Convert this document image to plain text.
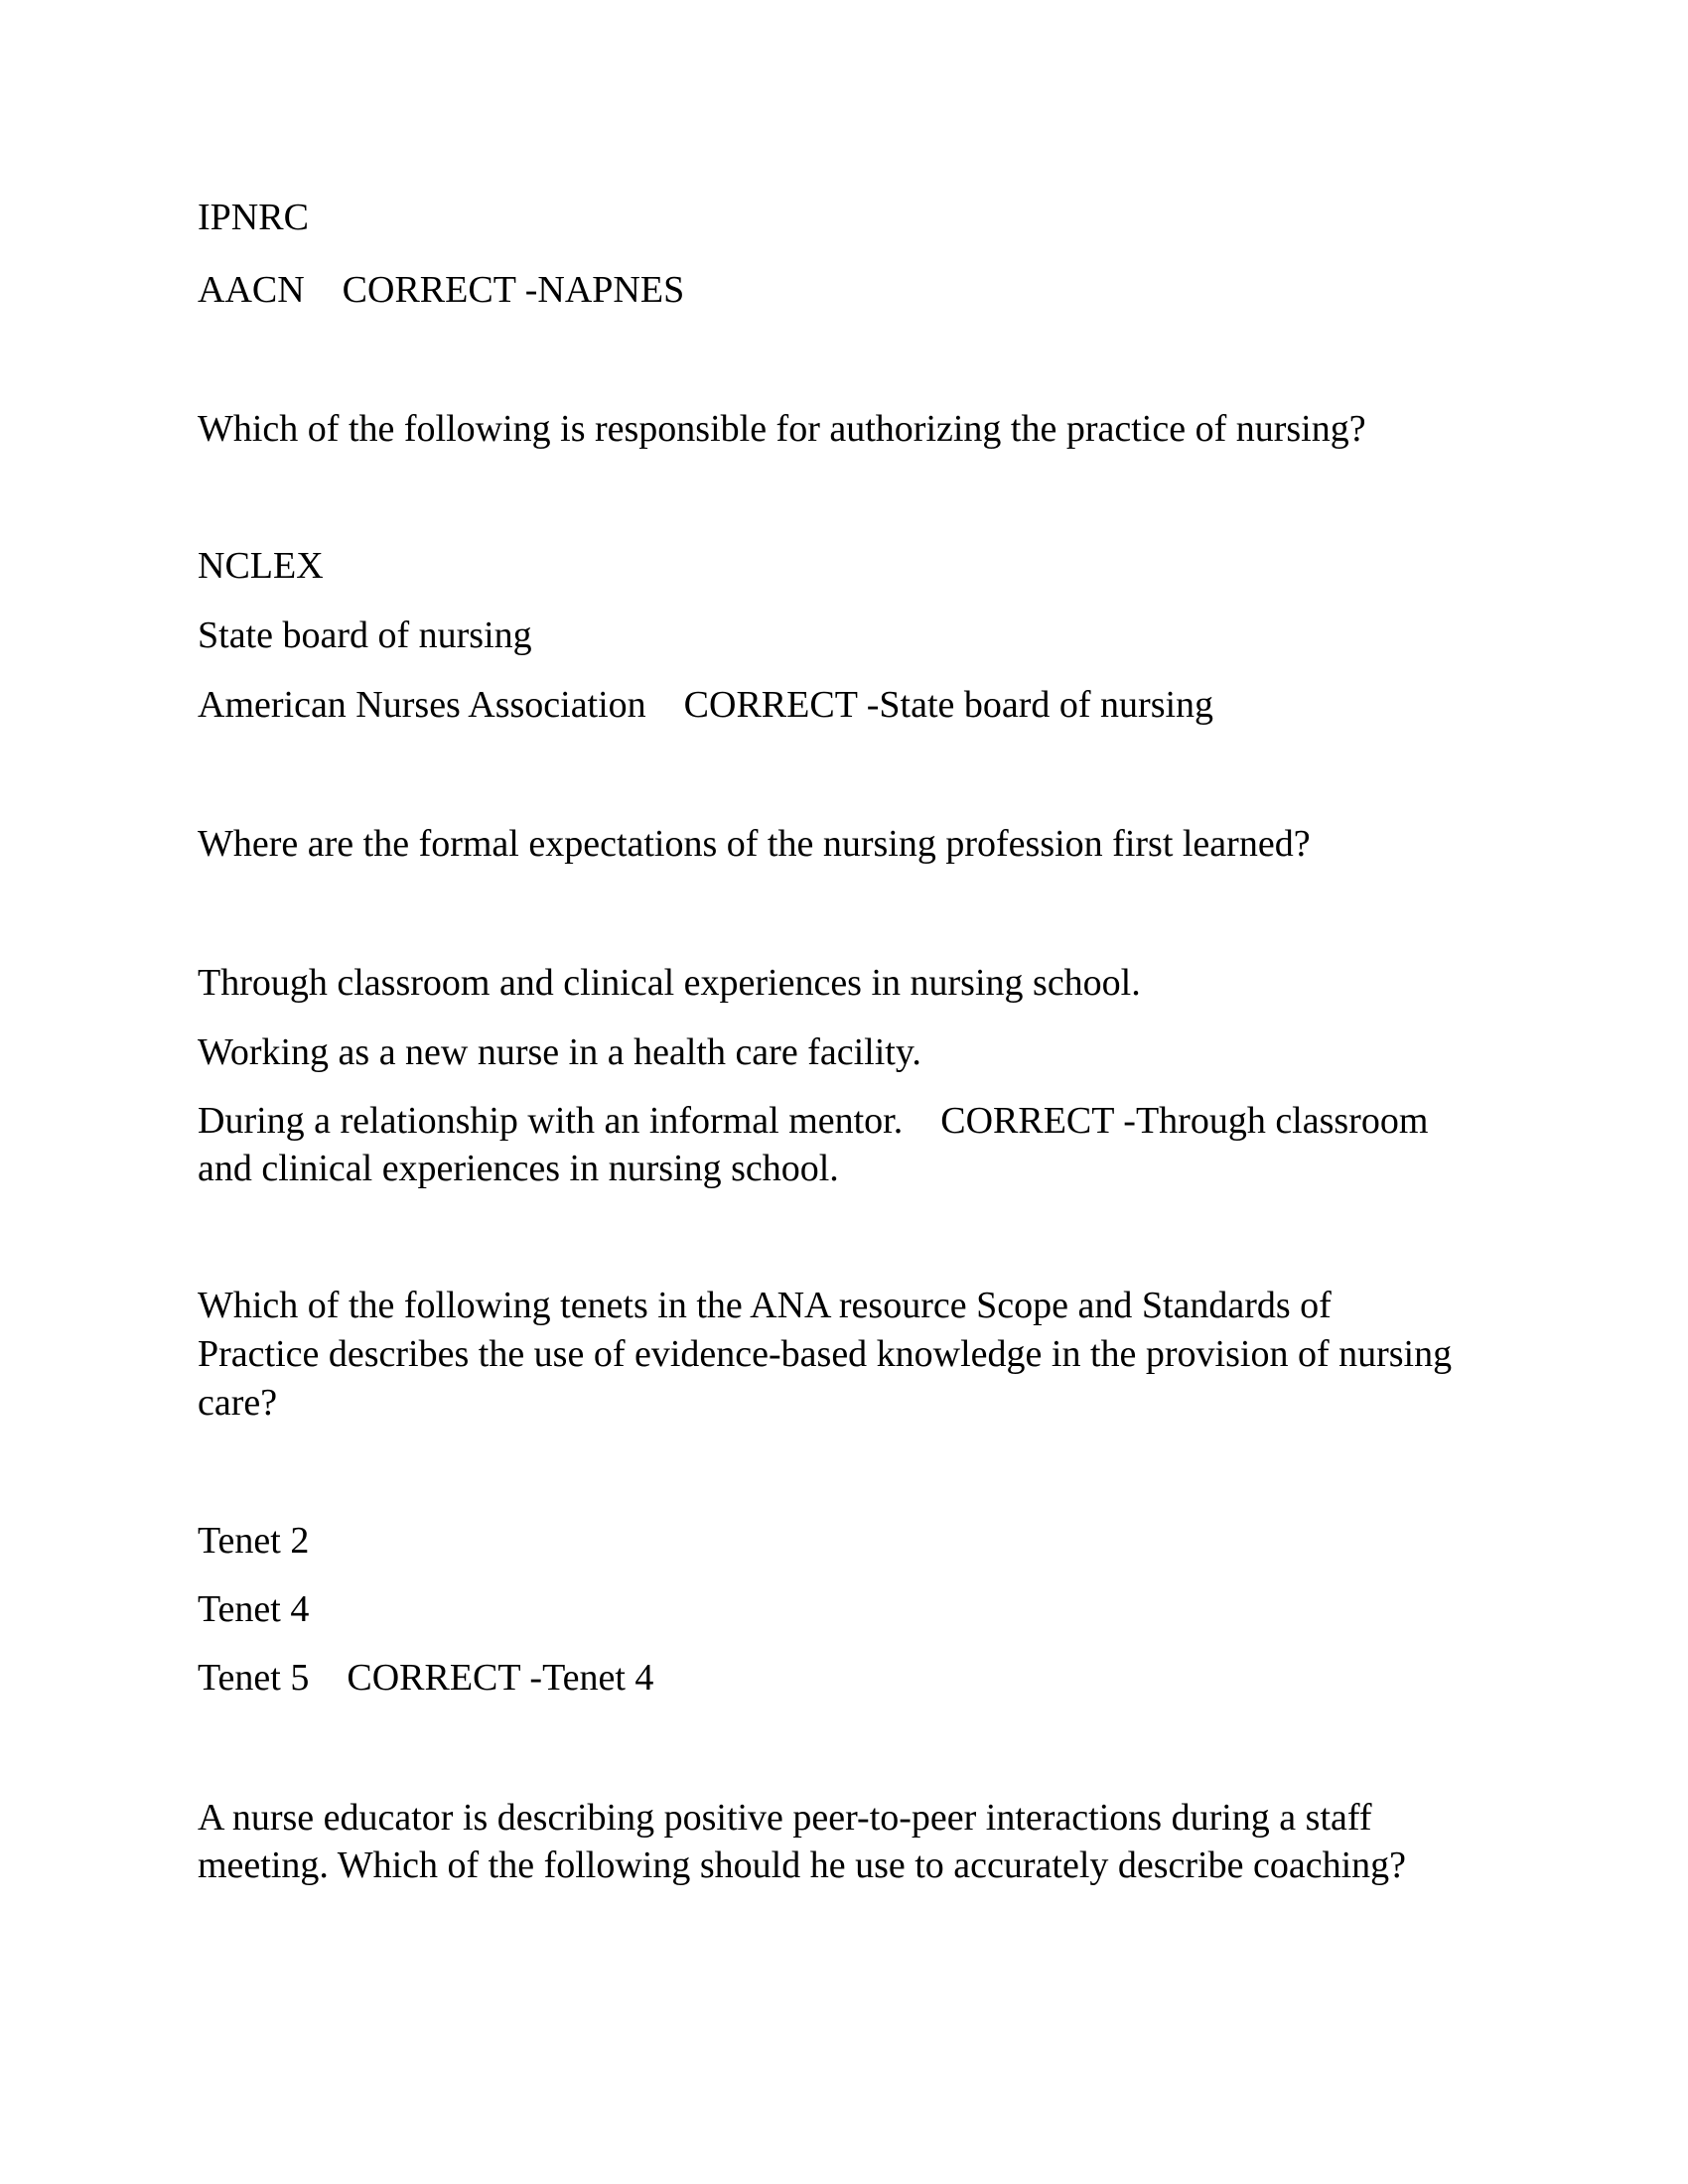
IPNRC
AACN    CORRECT -NAPNES
Which of the following is responsible for authorizing the practice of nursing?
NCLEX
State board of nursing
American Nurses Association    CORRECT -State board of nursing
Where are the formal expectations of the nursing profession first learned?
Through classroom and clinical experiences in nursing school.
Working as a new nurse in a health care facility.
During a relationship with an informal mentor.    CORRECT -Through classroom
and clinical experiences in nursing school.
Which of the following tenets in the ANA resource Scope and Standards of
Practice describes the use of evidence-based knowledge in the provision of nursing
care?
Tenet 2
Tenet 4
Tenet 5    CORRECT -Tenet 4
A nurse educator is describing positive peer-to-peer interactions during a staff
meeting. Which of the following should he use to accurately describe coaching?
